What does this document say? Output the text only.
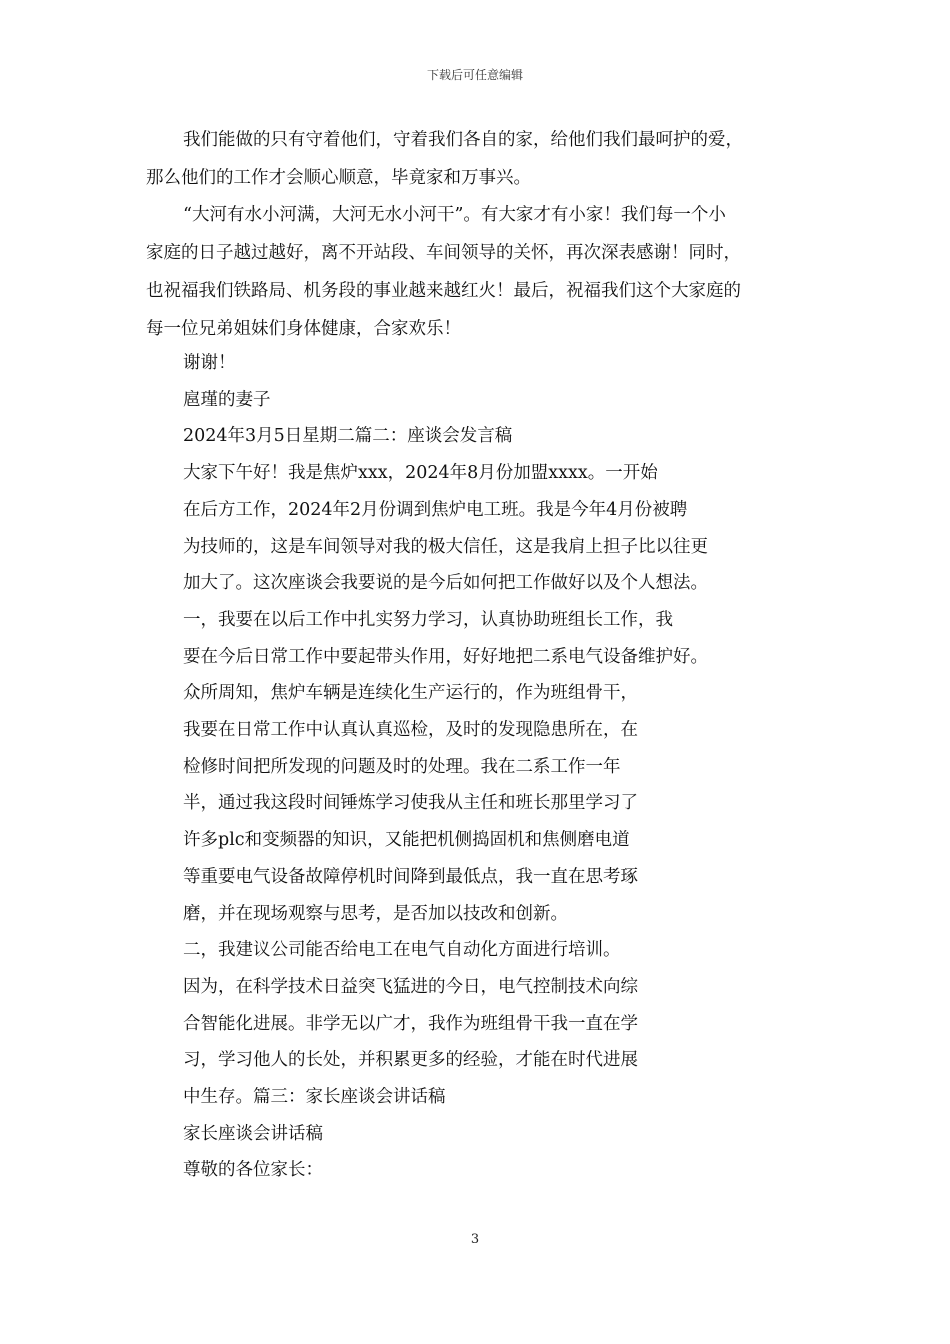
下载后可任意编辑

我们能做的只有守着他们，守着我们各自的家，给他们我们最呵护的爱，

那么他们的工作才会顺心顺意，毕竟家和万事兴。

“大河有水小河满，大河无水小河干”。有大家才有小家！我们每一个小

家庭的日子越过越好，离不开站段、车间领导的关怀，再次深表感谢！同时，

也祝福我们铁路局、机务段的事业越来越红火！最后，祝福我们这个大家庭的

每一位兄弟姐妹们身体健康，合家欢乐！

谢谢！

扈瑾的妻子

2024年3月5日星期二篇二：座谈会发言稿

大家下午好！我是焦炉xxx，2024年8月份加盟xxxx。一开始

在后方工作，2024年2月份调到焦炉电工班。我是今年4月份被聘

为技师的，这是车间领导对我的极大信任，这是我肩上担子比以往更

加大了。这次座谈会我要说的是今后如何把工作做好以及个人想法。

一，我要在以后工作中扎实努力学习，认真协助班组长工作，我

要在今后日常工作中要起带头作用，好好地把二系电气设备维护好。

众所周知，焦炉车辆是连续化生产运行的，作为班组骨干，

我要在日常工作中认真认真巡检，及时的发现隐患所在，在

检修时间把所发现的问题及时的处理。我在二系工作一年

半，通过我这段时间锤炼学习使我从主任和班长那里学习了

许多plc和变频器的知识，又能把机侧捣固机和焦侧磨电道

等重要电气设备故障停机时间降到最低点，我一直在思考琢

磨，并在现场观察与思考，是否加以技改和创新。

二，我建议公司能否给电工在电气自动化方面进行培训。

因为，在科学技术日益突飞猛进的今日，电气控制技术向综

合智能化进展。非学无以广才，我作为班组骨干我一直在学

习，学习他人的长处，并积累更多的经验，才能在时代进展

中生存。篇三：家长座谈会讲话稿

家长座谈会讲话稿

尊敬的各位家长：

3
